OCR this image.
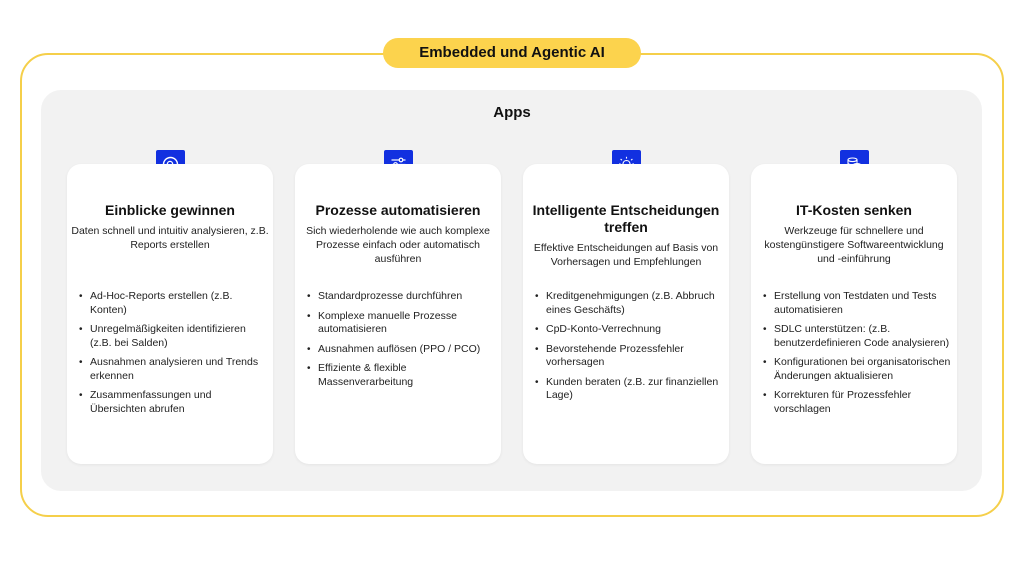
Embedded und Agentic AI
Apps
Einblicke gewinnen
Daten schnell und intuitiv analysieren, z.B. Reports erstellen
• Ad-Hoc-Reports erstellen (z.B. Konten)
• Unregelmäßigkeiten identifizieren (z.B. bei Salden)
• Ausnahmen analysieren und Trends erkennen
• Zusammenfassungen und Übersichten abrufen
Prozesse automatisieren
Sich wiederholende wie auch komplexe Prozesse einfach oder automatisch ausführen
• Standardprozesse durchführen
• Komplexe manuelle Prozesse automatisieren
• Ausnahmen auflösen (PPO / PCO)
• Effiziente & flexible Massenverarbeitung
Intelligente Entscheidungen treffen
Effektive Entscheidungen auf Basis von Vorhersagen und Empfehlungen
• Kreditgenehmigungen (z.B. Abbruch eines Geschäfts)
• CpD-Konto-Verrechnung
• Bevorstehende Prozessfehler vorhersagen
• Kunden beraten (z.B. zur finanziellen Lage)
IT-Kosten senken
Werkzeuge für schnellere und kostengünstigere Softwareentwicklung und -einführung
• Erstellung von Testdaten und Tests automatisieren
• SDLC unterstützen: (z.B. benutzerdefinieren Code analysieren)
• Konfigurationen bei organisatorischen Änderungen aktualisieren
• Korrekturen für Prozessfehler vorschlagen
